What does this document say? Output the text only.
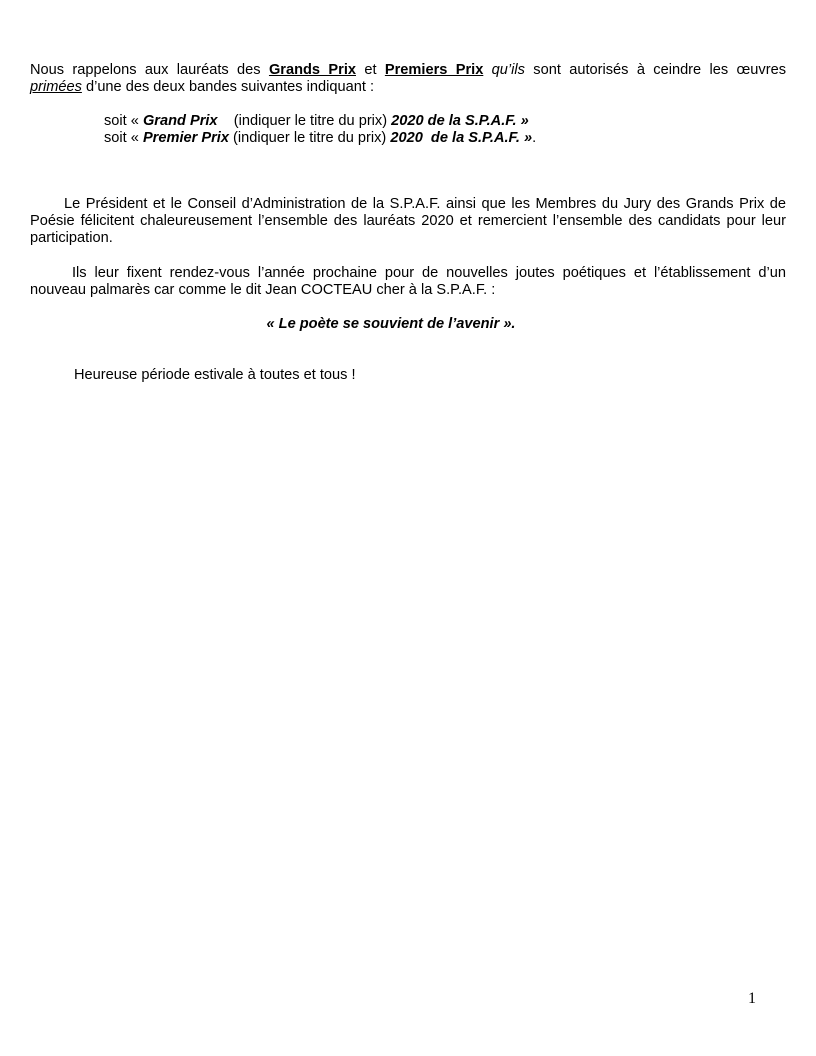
Nous rappelons aux lauréats des Grands Prix et Premiers Prix qu’ils sont autorisés à ceindre les œuvres
primées d’une des deux bandes suivantes indiquant :
soit « Grand Prix    (indiquer le titre du prix) 2020 de la S.P.A.F. »
soit « Premier Prix (indiquer le titre du prix) 2020  de la S.P.A.F. ».
Le Président et le Conseil d’Administration de la S.P.A.F. ainsi que les Membres du Jury des Grands Prix de
Poésie félicitent chaleureusement l’ensemble des lauréats 2020 et remercient l’ensemble des candidats pour leur
participation.
Ils leur fixent rendez-vous l’année prochaine pour de nouvelles joutes poétiques et l’établissement d’un
nouveau palmarès car comme le dit Jean COCTEAU cher à la S.P.A.F. :
« Le poète se souvient de l’avenir ».
Heureuse période estivale à toutes et tous !
1
